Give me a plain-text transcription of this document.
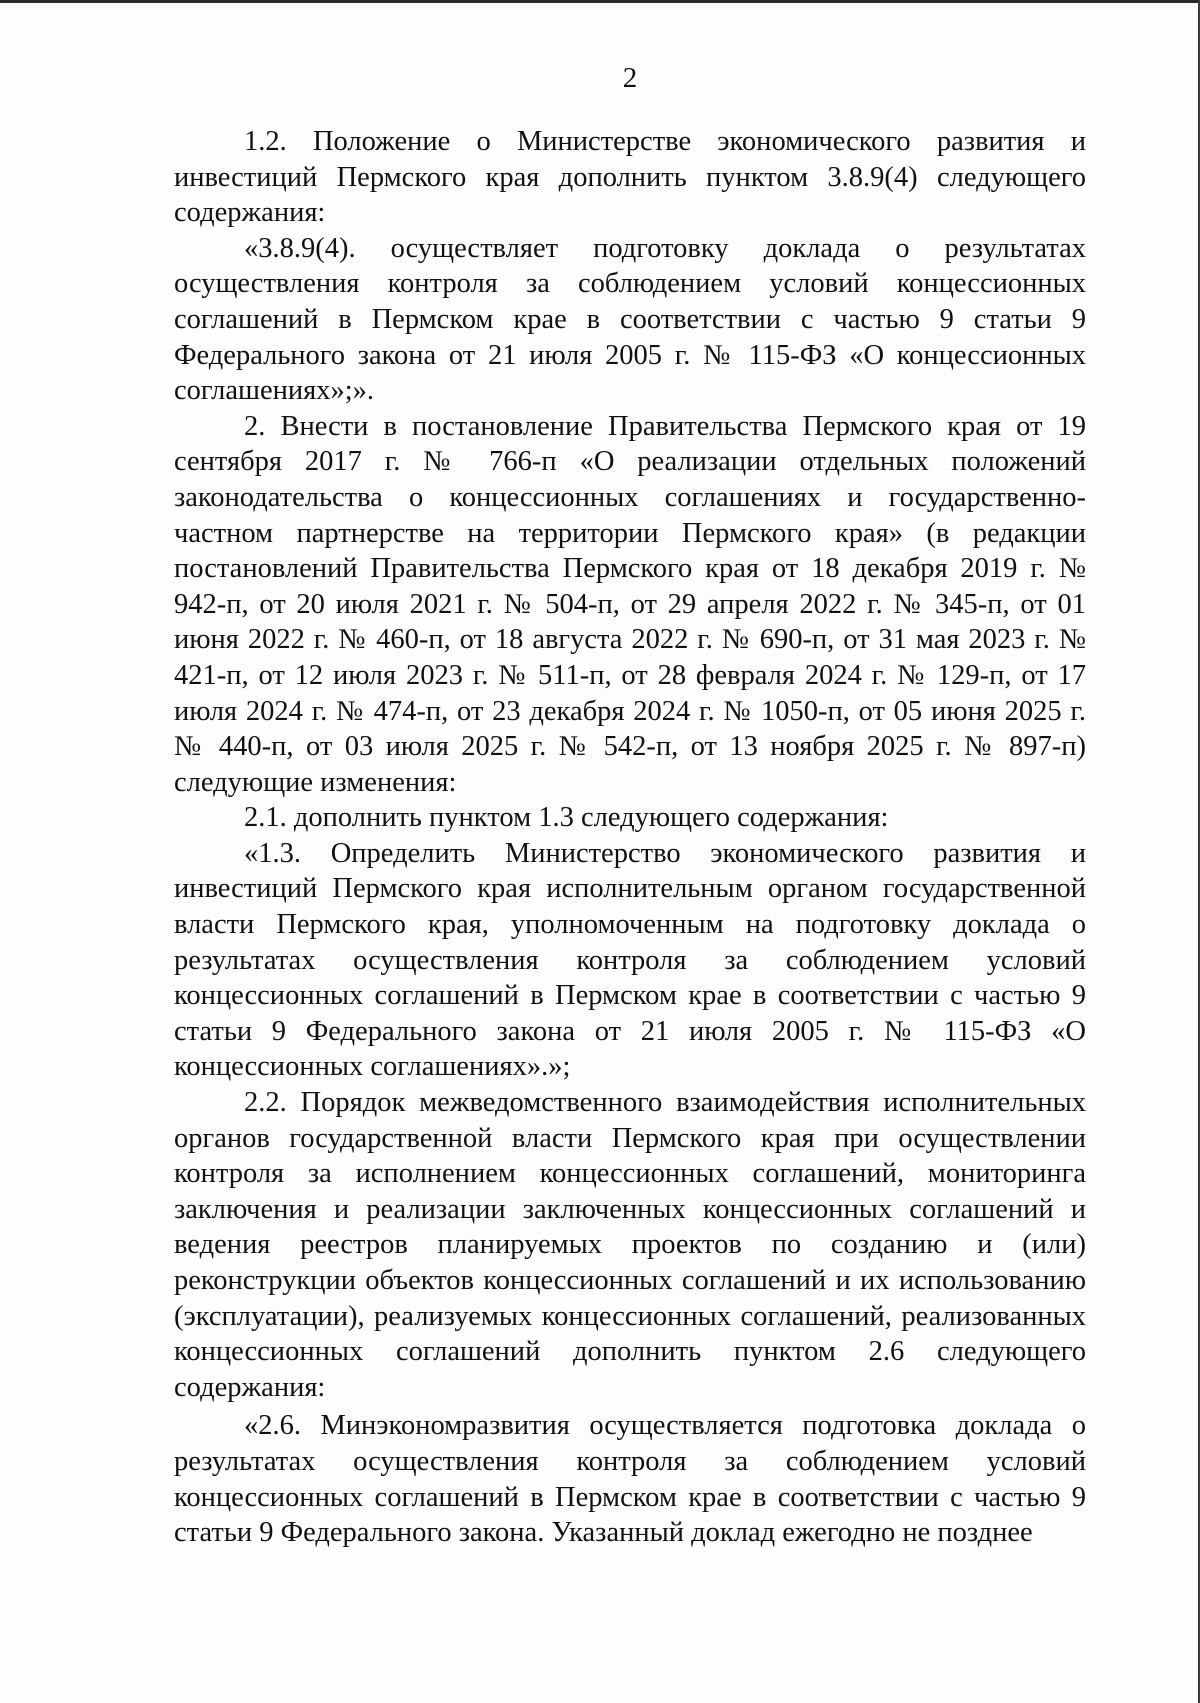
2

1.2. Положение о Министерстве экономического развития и инвестиций Пермского края дополнить пунктом 3.8.9(4) следующего содержания:

«3.8.9(4). осуществляет подготовку доклада о результатах осуществления контроля за соблюдением условий концессионных соглашений в Пермском крае в соответствии с частью 9 статьи 9 Федерального закона от 21 июля 2005 г. № 115-ФЗ «О концессионных соглашениях»;».

2. Внести в постановление Правительства Пермского края от 19 сентября 2017 г. № 766-п «О реализации отдельных положений законодательства о концессионных соглашениях и государственно-частном партнерстве на территории Пермского края» (в редакции постановлений Правительства Пермского края от 18 декабря 2019 г. № 942-п, от 20 июля 2021 г. № 504-п, от 29 апреля 2022 г. № 345-п, от 01 июня 2022 г. № 460-п, от 18 августа 2022 г. № 690-п, от 31 мая 2023 г. № 421-п, от 12 июля 2023 г. № 511-п, от 28 февраля 2024 г. № 129-п, от 17 июля 2024 г. № 474-п, от 23 декабря 2024 г. № 1050-п, от 05 июня 2025 г. № 440-п, от 03 июля 2025 г. № 542-п, от 13 ноября 2025 г. № 897-п) следующие изменения:

2.1. дополнить пунктом 1.3 следующего содержания:

«1.3. Определить Министерство экономического развития и инвестиций Пермского края исполнительным органом государственной власти Пермского края, уполномоченным на подготовку доклада о результатах осуществления контроля за соблюдением условий концессионных соглашений в Пермском крае в соответствии с частью 9 статьи 9 Федерального закона от 21 июля 2005 г. № 115-ФЗ «О концессионных соглашениях».»;

2.2. Порядок межведомственного взаимодействия исполнительных органов государственной власти Пермского края при осуществлении контроля за исполнением концессионных соглашений, мониторинга заключения и реализации заключенных концессионных соглашений и ведения реестров планируемых проектов по созданию и (или) реконструкции объектов концессионных соглашений и их использованию (эксплуатации), реализуемых концессионных соглашений, реализованных концессионных соглашений дополнить пунктом 2.6 следующего содержания:

«2.6. Минэкономразвития осуществляется подготовка доклада о результатах осуществления контроля за соблюдением условий концессионных соглашений в Пермском крае в соответствии с частью 9 статьи 9 Федерального закона. Указанный доклад ежегодно не позднее
